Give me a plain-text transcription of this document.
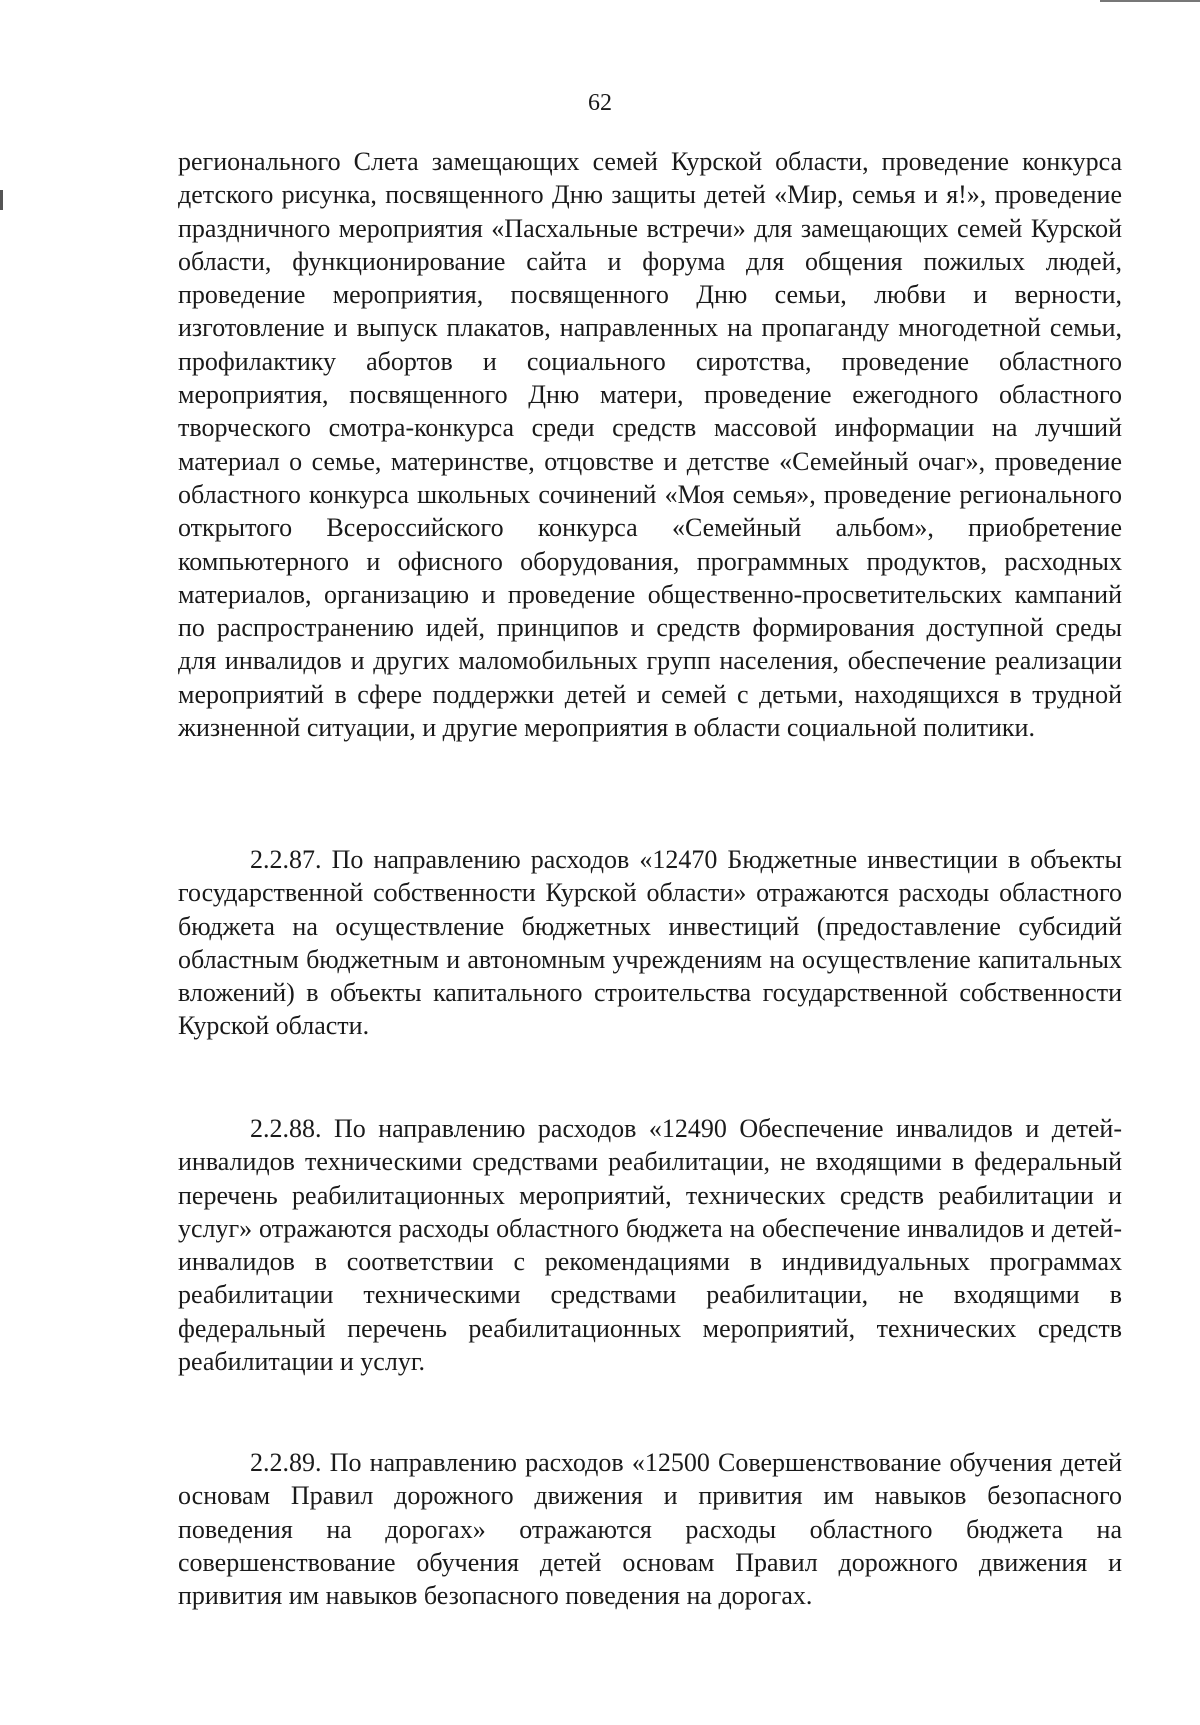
62

регионального Слета замещающих семей Курской области, проведение конкурса детского рисунка, посвященного Дню защиты детей «Мир, семья и я!», проведение праздничного мероприятия «Пасхальные встречи» для замещающих семей Курской области, функционирование сайта и форума для общения пожилых людей, проведение мероприятия, посвященного Дню семьи, любви и верности, изготовление и выпуск плакатов, направленных на пропаганду многодетной семьи, профилактику абортов и социального сиротства, проведение областного мероприятия, посвященного Дню матери, проведение ежегодного областного творческого смотра-конкурса среди средств массовой информации на лучший материал о семье, материнстве, отцовстве и детстве «Семейный очаг», проведение областного конкурса школьных сочинений «Моя семья», проведение регионального открытого Всероссийского конкурса «Семейный альбом», приобретение компьютерного и офисного оборудования, программных продуктов, расходных материалов, организацию и проведение общественно-просветительских кампаний по распространению идей, принципов и средств формирования доступной среды для инвалидов и других маломобильных групп населения, обеспечение реализации мероприятий в сфере поддержки детей и семей с детьми, находящихся в трудной жизненной ситуации, и другие мероприятия в области социальной политики.

2.2.87. По направлению расходов «12470 Бюджетные инвестиции в объекты государственной собственности Курской области» отражаются расходы областного бюджета на осуществление бюджетных инвестиций (предоставление субсидий областным бюджетным и автономным учреждениям на осуществление капитальных вложений) в объекты капитального строительства государственной собственности Курской области.

2.2.88. По направлению расходов «12490 Обеспечение инвалидов и детей-инвалидов техническими средствами реабилитации, не входящими в федеральный перечень реабилитационных мероприятий, технических средств реабилитации и услуг» отражаются расходы областного бюджета на обеспечение инвалидов и детей-инвалидов в соответствии с рекомендациями в индивидуальных программах реабилитации техническими средствами реабилитации, не входящими в федеральный перечень реабилитационных мероприятий, технических средств реабилитации и услуг.

2.2.89. По направлению расходов «12500 Совершенствование обучения детей основам Правил дорожного движения и привития им навыков безопасного поведения на дорогах» отражаются расходы областного бюджета на совершенствование обучения детей основам Правил дорожного движения и привития им навыков безопасного поведения на дорогах.
